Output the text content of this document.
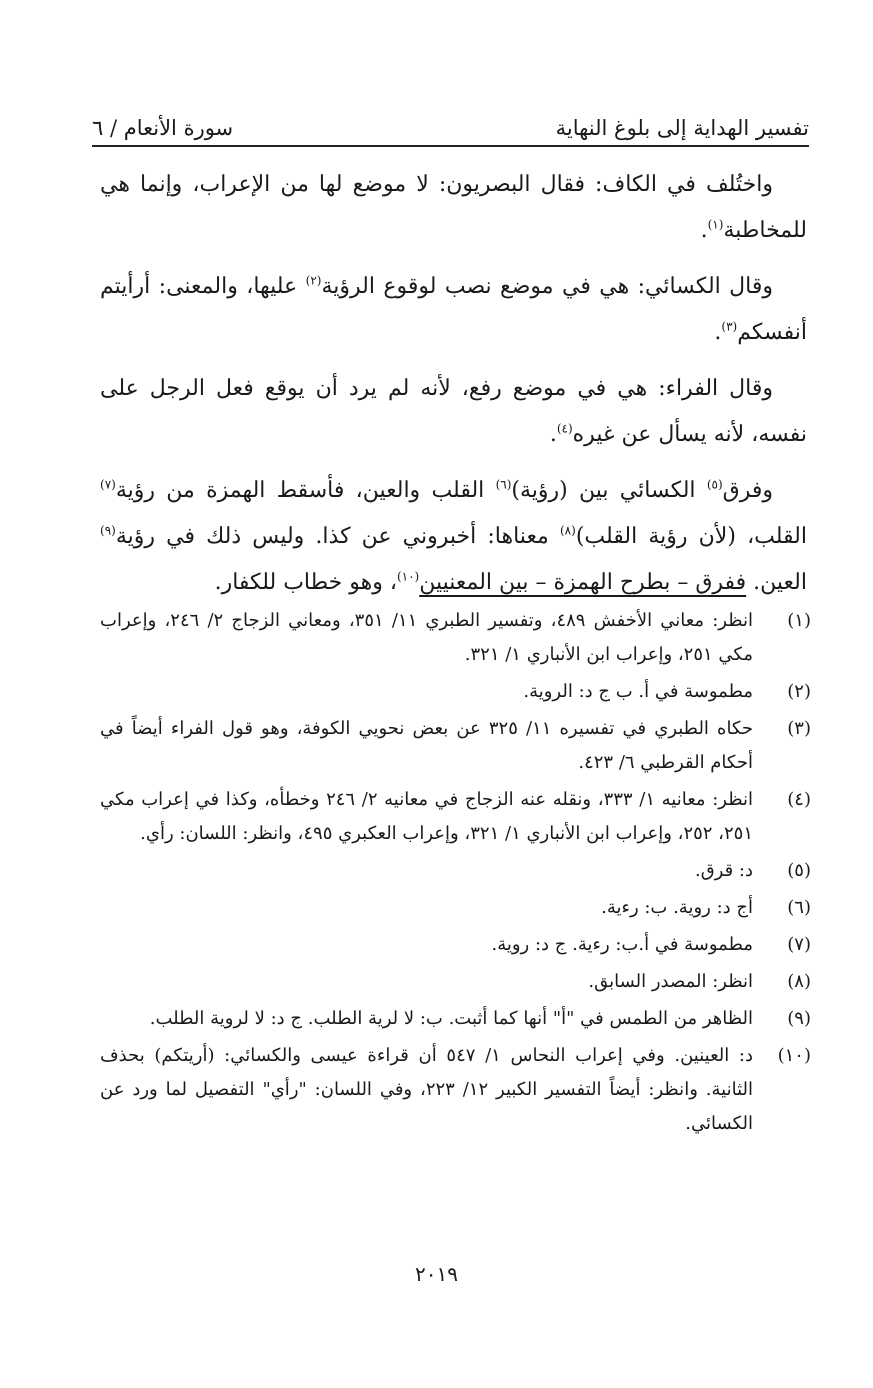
تفسير الهداية إلى بلوغ النهاية
سورة الأنعام / ٦

واختُلف في الكاف: فقال البصريون: لا موضع لها من الإعراب، وإنما هي للمخاطبة$^{(١)}$.

وقال الكسائي: هي في موضع نصب لوقوع الرؤية$^{(٢)}$ عليها، والمعنى: أرأيتم أنفسكم$^{(٣)}$.

وقال الفراء: هي في موضع رفع، لأنه لم يرد أن يوقع فعل الرجل على نفسه، لأنه يسأل عن غيره$^{(٤)}$.

وفرق$^{(٥)}$ الكسائي بين (رؤية)$^{(٦)}$ القلب والعين، فأسقط الهمزة من رؤية$^{(٧)}$ القلب، (لأن رؤية القلب)$^{(٨)}$ معناها: أخبروني عن كذا. وليس ذلك في رؤية$^{(٩)}$ العين. ففرق – بطرح الهمزة – بين المعنيين$^{(١٠)}$، وهو خطاب للكفار.

(١)
انظر: معاني الأخفش ٤٨٩، وتفسير الطبري ١١/ ٣٥١، ومعاني الزجاج ٢/ ٢٤٦، وإعراب مكي ٢٥١، وإعراب ابن الأنباري ١/ ٣٢١.
(٢)
مطموسة في أ. ب ج د: الروية.
(٣)
حكاه الطبري في تفسيره ١١/ ٣٢٥ عن بعض نحويي الكوفة، وهو قول الفراء أيضاً في أحكام القرطبي ٦/ ٤٢٣.
(٤)
انظر: معانيه ١/ ٣٣٣، ونقله عنه الزجاج في معانيه ٢/ ٢٤٦ وخطأه، وكذا في إعراب مكي ٢٥١، ٢٥٢، وإعراب ابن الأنباري ١/ ٣٢١، وإعراب العكبري ٤٩٥، وانظر: اللسان: رأي.
(٥)
د: قرق.
(٦)
أج د: روية. ب: رءية.
(٧)
مطموسة في أ.ب: رءية. ج د: روية.
(٨)
انظر: المصدر السابق.
(٩)
الظاهر من الطمس في "أ" أنها كما أثبت. ب: لا لرية الطلب. ج د: لا لروية الطلب.
(١٠)
د: العينين. وفي إعراب النحاس ١/ ٥٤٧ أن قراءة عيسى والكسائي: (أريتكم) بحذف الثانية. وانظر: أيضاً التفسير الكبير ١٢/ ٢٢٣، وفي اللسان: "رأي" التفصيل لما ورد عن الكسائي.
٢٠١٩
